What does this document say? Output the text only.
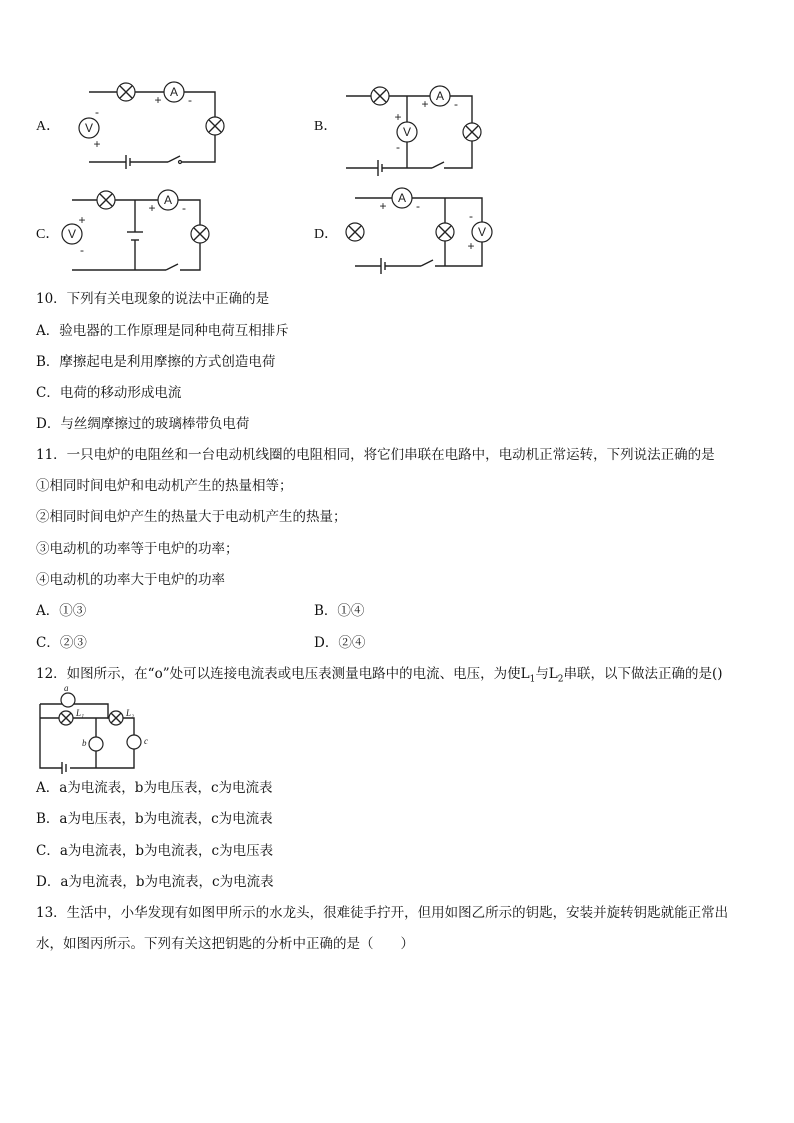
A．
A
+ -
V
-
+
B．
A
+ -
V
+
-
C．
A
+ -
V
+
-
D．
A
+ -
V
-
+
10．下列有关电现象的说法中正确的是
A．验电器的工作原理是同种电荷互相排斥
B．摩擦起电是利用摩擦的方式创造电荷
C．电荷的移动形成电流
D．与丝绸摩擦过的玻璃棒带负电荷
11．一只电炉的电阻丝和一台电动机线圈的电阻相同，将它们串联在电路中，电动机正常运转，下列说法正确的是
①相同时间电炉和电动机产生的热量相等；
②相同时间电炉产生的热量大于电动机产生的热量；
③电动机的功率等于电炉的功率；
④电动机的功率大于电炉的功率
A．①③	B．①④
C．②③	D．②④
12．如图所示，在“o”处可以连接电流表或电压表测量电路中的电流、电压，为使$L_1$与$L_2$串联，以下做法正确的是()
a
L₁	L₂
b	c
A．a为电流表，b为电压表，c为电流表
B．a为电压表，b为电流表，c为电流表
C．a为电流表，b为电流表，c为电压表
D．a为电流表，b为电流表，c为电流表
13．生活中，小华发现有如图甲所示的水龙头，很难徒手拧开，但用如图乙所示的钥匙，安装并旋转钥匙就能正常出
水，如图丙所示。下列有关这把钥匙的分析中正确的是（　　）
